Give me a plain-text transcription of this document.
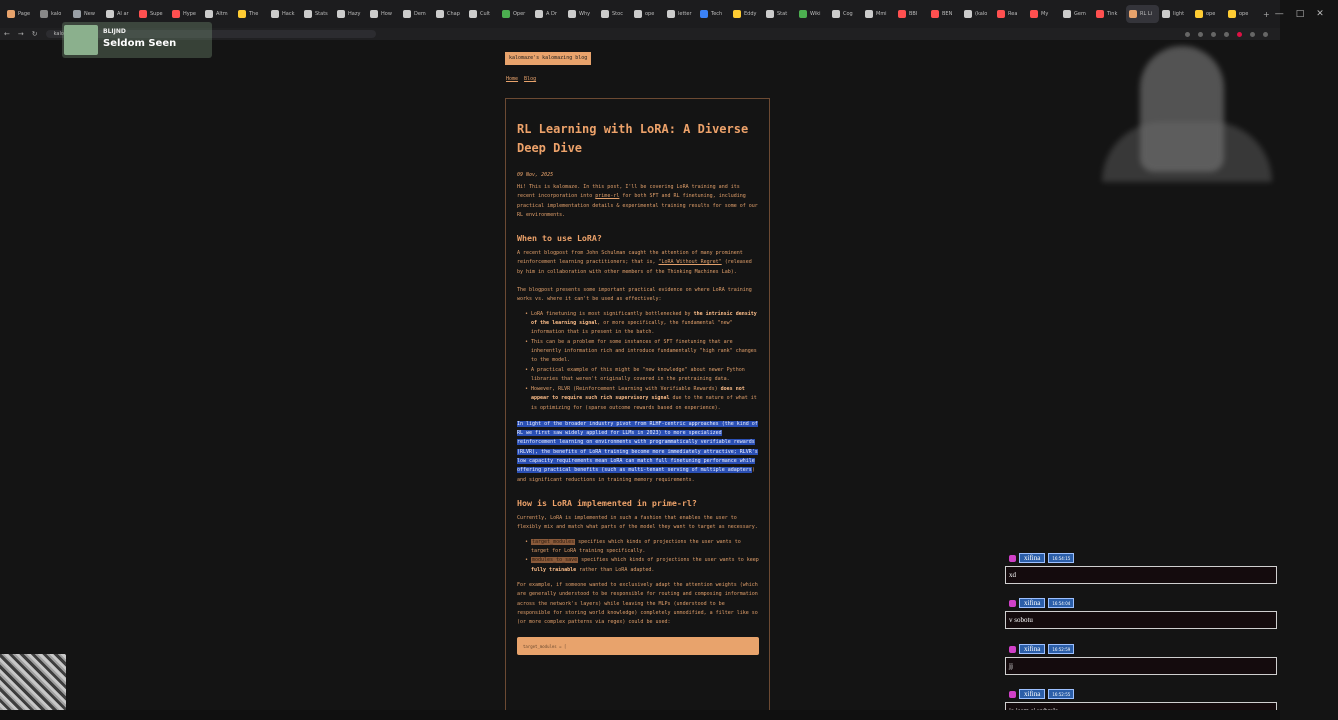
Page	kalo	New	AI ar	Supe	Hype	Altm	The	Hack	Stats	Hazy	How	Dem	Chap	Cult	Oper	A Dr	Why	Stoc	ope	letter	Tech	Eddy	Stat	Wiki	Cog	Mmi	BBI	BEN	(kalo	Rea	My	Gem	Tink	RL Li	light	ope	ope	+ — □ ✕
← → ↻	kalo	BLIJND
Seldom Seen
kalomaze's kalomazing blog
Home Blog
RL Learning with LoRA: A Diverse Deep Dive
09 Nov, 2025

Hi! This is kalomaze. In this post, I'll be covering LoRA training and its recent incorporation into prime-rl for both SFT and RL finetuning, including practical implementation details & experimental training results for some of our RL environments.

When to use LoRA?

A recent blogpost from John Schulman caught the attention of many prominent reinforcement learning practitioners; that is, "LoRA Without Regret" (released by him in collaboration with other members of the Thinking Machines Lab).

The blogpost presents some important practical evidence on where LoRA training works vs. where it can't be used as effectively:

• LoRA finetuning is most significantly bottlenecked by the intrinsic density of the learning signal, or more specifically, the fundamental "new" information that is present in the batch.
• This can be a problem for some instances of SFT finetuning that are inherently information rich and introduce fundamentally "high rank" changes to the model.
• A practical example of this might be "new knowledge" about newer Python libraries that weren't originally covered in the pretraining data.
• However, RLVR (Reinforcement Learning with Verifiable Rewards) does not appear to require such rich supervisory signal due to the nature of what it is optimizing for (sparse outcome rewards based on experience).

In light of the broader industry pivot from RLHF-centric approaches (the kind of RL we first saw widely applied for LLMs in 2023) to more specialized reinforcement learning on environments with programmatically verifiable rewards (RLVR), the benefits of LoRA training become more immediately attractive; RLVR's low capacity requirements mean LoRA can match full finetuning performance while offering practical benefits (such as multi-tenant serving of multiple adapters) and significant reductions in training memory requirements.

How is LoRA implemented in prime-rl?

Currently, LoRA is implemented in such a fashion that enables the user to flexibly mix and match what parts of the model they want to target as necessary.

• target_modules specifies which kinds of projections the user wants to target for LoRA training specifically.
• modules_to_save specifies which kinds of projections the user wants to keep fully trainable rather than LoRA adapted.

For example, if someone wanted to exclusively adapt the attention weights (which are generally understood to be responsible for routing and composing information across the network's layers) while leaving the MLPs (understood to be responsible for storing world knowledge) completely unmodified, a filter like so (or more complex patterns via regex) could be used:

target_modules = [
xifina	16:54:15
xd
xifina	16:54:04
v sobotu
xifina	16:52:59
jj
xifina	16:52:55
